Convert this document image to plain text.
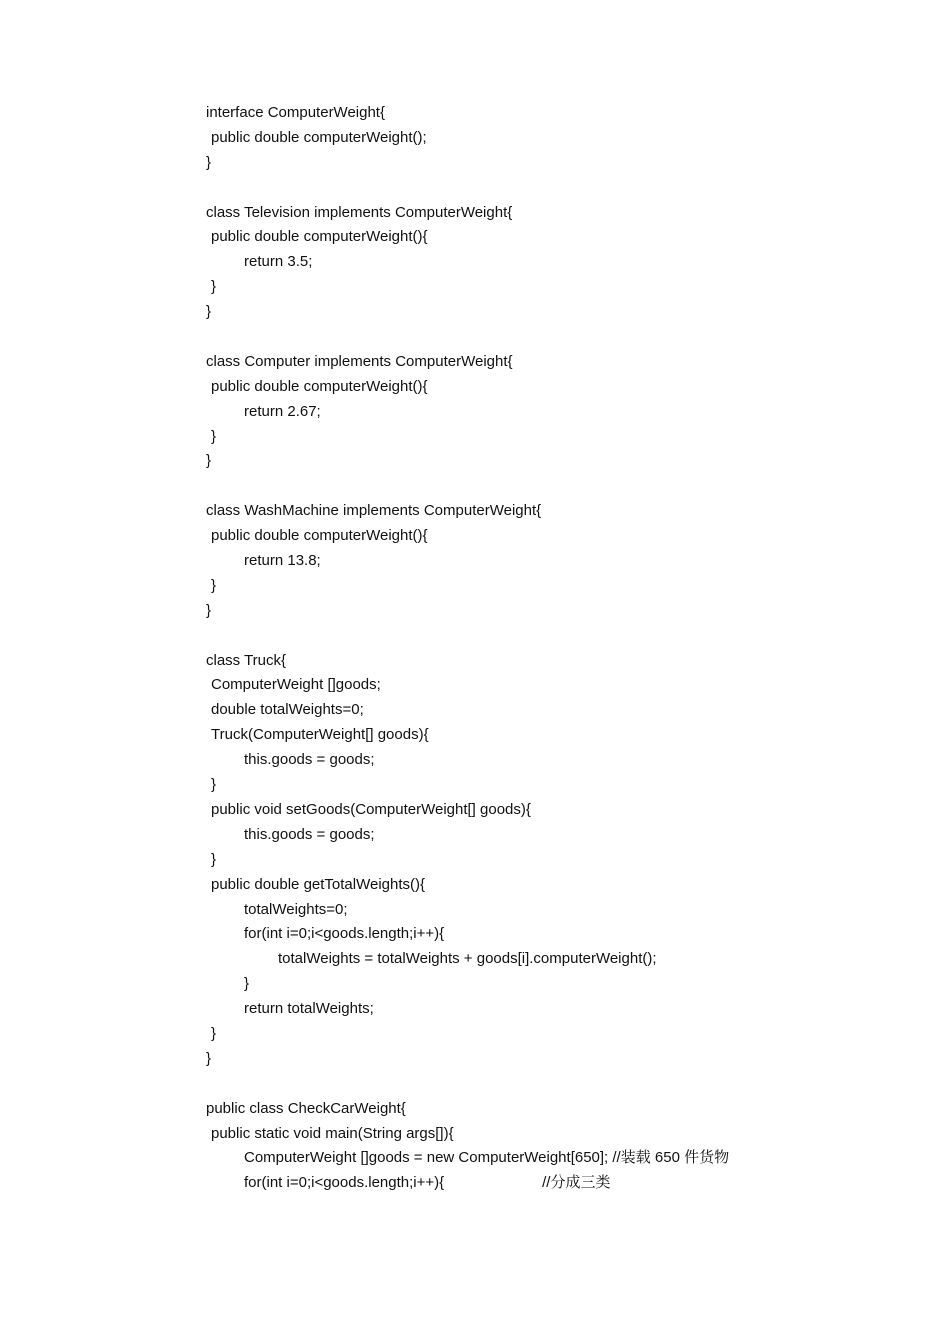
interface ComputerWeight{
public double computerWeight();
}
class Television implements ComputerWeight{
public double computerWeight(){
return 3.5;
}
}
class Computer implements ComputerWeight{
public double computerWeight(){
return 2.67;
}
}
class WashMachine implements ComputerWeight{
public double computerWeight(){
return 13.8;
}
}
class Truck{
ComputerWeight []goods;
double totalWeights=0;
Truck(ComputerWeight[] goods){
this.goods = goods;
}
public void setGoods(ComputerWeight[] goods){
this.goods = goods;
}
public double getTotalWeights(){
totalWeights=0;
for(int i=0;i<goods.length;i++){
totalWeights = totalWeights + goods[i].computerWeight();
}
return totalWeights;
}
}
public class CheckCarWeight{
public static void main(String args[]){
ComputerWeight []goods = new ComputerWeight[650]; //装载 650 件货物
for(int i=0;i<goods.length;i++){	//分成三类
